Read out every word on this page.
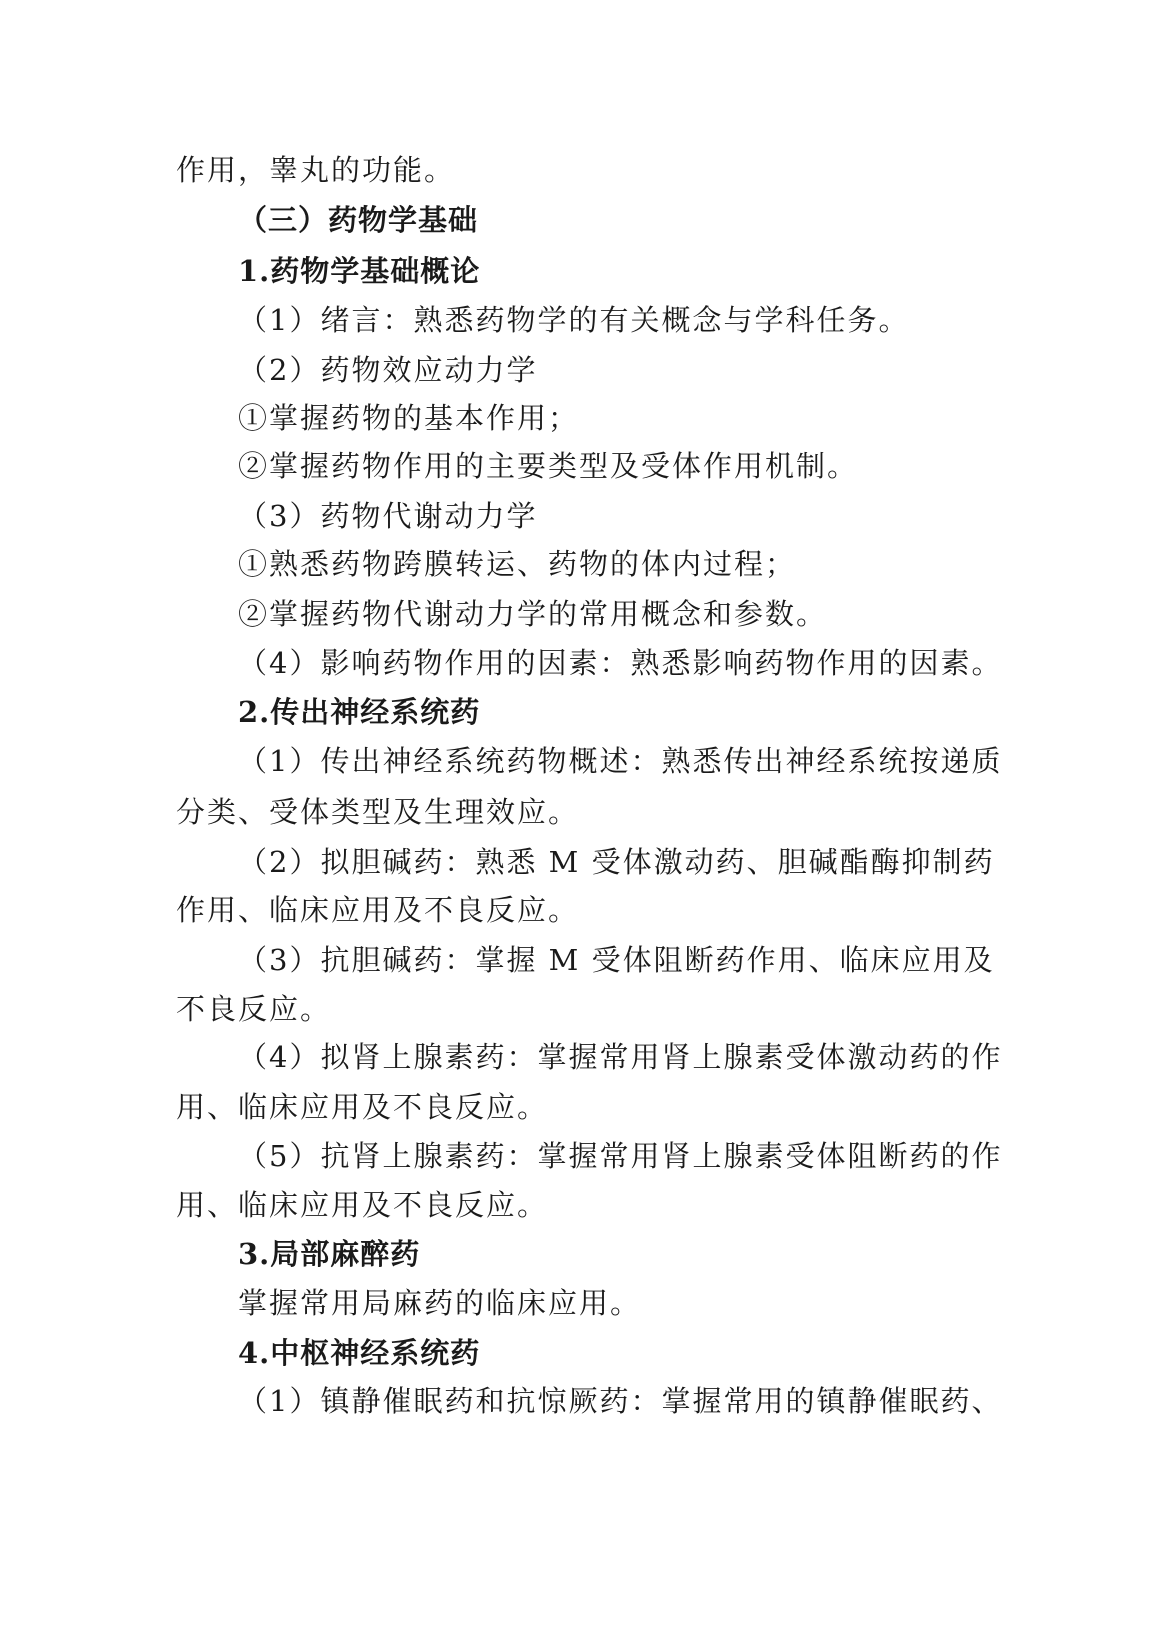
作用，睾丸的功能。
（三）药物学基础
1.药物学基础概论
（1）绪言：熟悉药物学的有关概念与学科任务。
（2）药物效应动力学
①掌握药物的基本作用；
②掌握药物作用的主要类型及受体作用机制。
（3）药物代谢动力学
①熟悉药物跨膜转运、药物的体内过程；
②掌握药物代谢动力学的常用概念和参数。
（4）影响药物作用的因素：熟悉影响药物作用的因素。
2.传出神经系统药
（1）传出神经系统药物概述：熟悉传出神经系统按递质
分类、受体类型及生理效应。
（2）拟胆碱药：熟悉 M 受体激动药、胆碱酯酶抑制药
作用、临床应用及不良反应。
（3）抗胆碱药：掌握 M 受体阻断药作用、临床应用及
不良反应。
（4）拟肾上腺素药：掌握常用肾上腺素受体激动药的作
用、临床应用及不良反应。
（5）抗肾上腺素药：掌握常用肾上腺素受体阻断药的作
用、临床应用及不良反应。
3.局部麻醉药
掌握常用局麻药的临床应用。
4.中枢神经系统药
（1）镇静催眠药和抗惊厥药：掌握常用的镇静催眠药、
